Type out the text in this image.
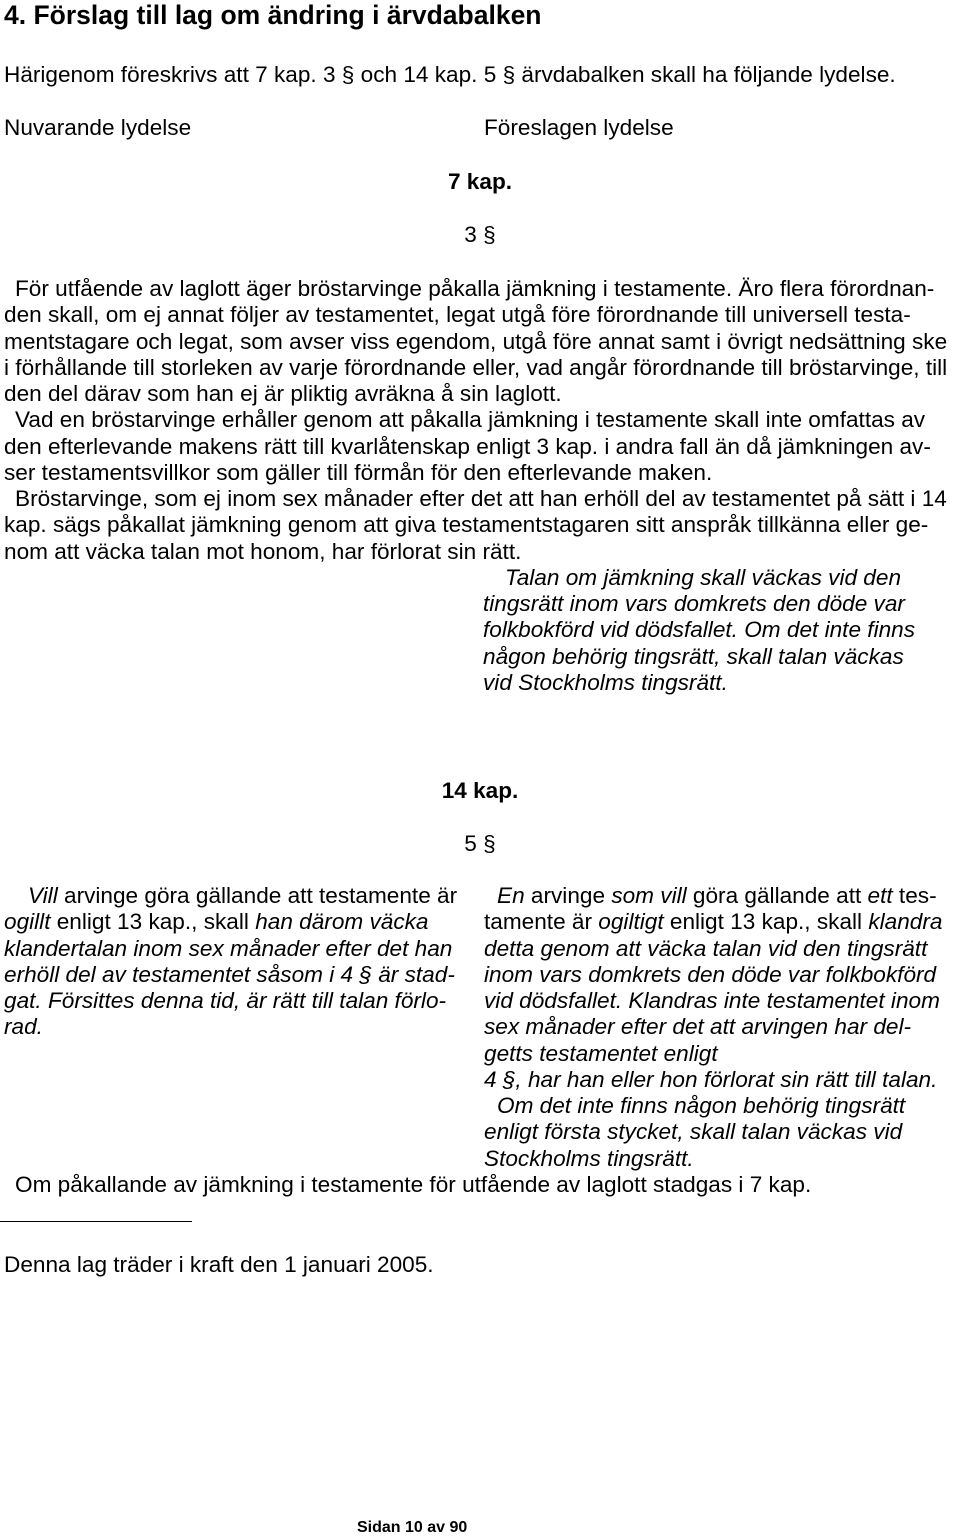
4. Förslag till lag om ändring i ärvdabalken
Härigenom föreskrivs att 7 kap. 3 § och 14 kap. 5 § ärvdabalken skall ha följande lydelse.
Nuvarande lydelse	Föreslagen lydelse
7 kap.
3 §
För utfående av laglott äger bröstarvinge påkalla jämkning i testamente. Äro flera förordnan-
den skall, om ej annat följer av testamentet, legat utgå före förordnande till universell testa-
mentstagare och legat, som avser viss egendom, utgå före annat samt i övrigt nedsättning ske
i förhållande till storleken av varje förordnande eller, vad angår förordnande till bröstarvinge, till
den del därav som han ej är pliktig avräkna å sin laglott.
Vad en bröstarvinge erhåller genom att påkalla jämkning i testamente skall inte omfattas av
den efterlevande makens rätt till kvarlåtenskap enligt 3 kap. i andra fall än då jämkningen av-
ser testamentsvillkor som gäller till förmån för den efterlevande maken.
Bröstarvinge, som ej inom sex månader efter det att han erhöll del av testamentet på sätt i 14
kap. sägs påkallat jämkning genom att giva testamentstagaren sitt anspråk tillkänna eller ge-
nom att väcka talan mot honom, har förlorat sin rätt.
Talan om jämkning skall väckas vid den
tingsrätt inom vars domkrets den döde var
folkbokförd vid dödsfallet. Om det inte finns
någon behörig tingsrätt, skall talan väckas
vid Stockholms tingsrätt.
14 kap.
5 §
Vill arvinge göra gällande att testamente är
ogillt enligt 13 kap., skall han därom väcka
klandertalan inom sex månader efter det han
erhöll del av testamentet såsom i 4 § är stad-
gat. Försittes denna tid, är rätt till talan förlo-
rad.
En arvinge som vill göra gällande att ett tes-
tamente är ogiltigt enligt 13 kap., skall klandra
detta genom att väcka talan vid den tingsrätt
inom vars domkrets den döde var folkbokförd
vid dödsfallet. Klandras inte testamentet inom
sex månader efter det att arvingen har del-
getts testamentet enligt
4 §, har han eller hon förlorat sin rätt till talan.
Om det inte finns någon behörig tingsrätt
enligt första stycket, skall talan väckas vid
Stockholms tingsrätt.
Om påkallande av jämkning i testamente för utfående av laglott stadgas i 7 kap.
Denna lag träder i kraft den 1 januari 2005.
Sidan 10 av 90
